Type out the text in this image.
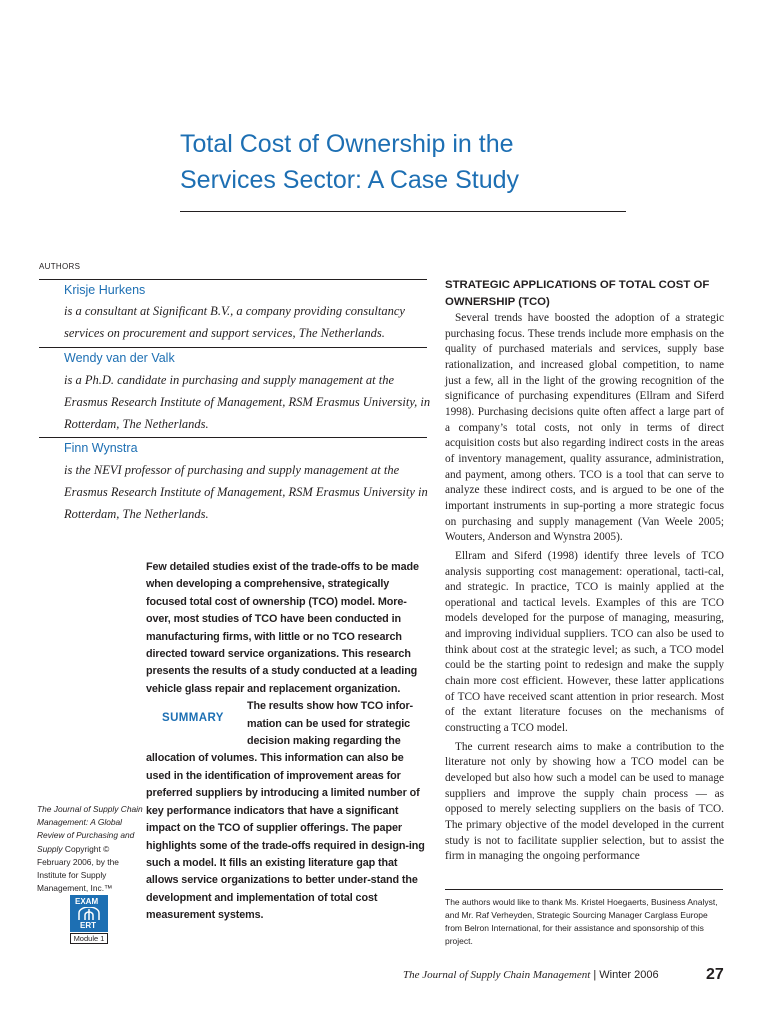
Total Cost of Ownership in the

Services Sector: A Case Study

AUTHORS
Krisje Hurkens
is a consultant at Significant B.V., a company providing consultancy services on procurement and support services, The Netherlands.
Wendy van der Valk
is a Ph.D. candidate in purchasing and supply management at the Erasmus Research Institute of Management, RSM Erasmus University, in Rotterdam, The Netherlands.
Finn Wynstra
is the NEVI professor of purchasing and supply management at the Erasmus Research Institute of Management, RSM Erasmus University in Rotterdam, The Netherlands.

Few detailed studies exist of the trade-offs to be made when developing a comprehensive, strategically focused total cost of ownership (TCO) model. More-over, most studies of TCO have been conducted in manufacturing firms, with little or no TCO research directed toward service organizations. This research presents the results of a study conducted at a leading vehicle glass repair and replacement organization.

The results show how TCO infor-mation can be used for strategic decision making regarding the

allocation of volumes. This information can also be used in the identification of improvement areas for preferred suppliers by introducing a limited number of key performance indicators that have a significant impact on the TCO of supplier offerings. The paper highlights some of the trade-offs required in design-ing such a model. It fills an existing literature gap that allows service organizations to better under-stand the development and implementation of total cost measurement systems.

SUMMARY
The Journal of Supply Chain Management: A Global Review of Purchasing and Supply Copyright © February 2006, by the Institute for Supply Management, Inc.™
EXAM
ERT
Module 1
STRATEGIC APPLICATIONS OF TOTAL COST OF OWNERSHIP (TCO)

Several trends have boosted the adoption of a strategic purchasing focus. These trends include more emphasis on the quality of purchased materials and services, supply base rationalization, and increased global competition, to name just a few, all in the light of the growing recognition of the significance of purchasing expenditures (Ellram and Siferd 1998). Purchasing decisions quite often affect a large part of a company’s total costs, not only in terms of direct acquisition costs but also regarding indirect costs in the areas of inventory management, quality assurance, administration, and payment, among others. TCO is a tool that can serve to analyze these indirect costs, and is argued to be one of the important instruments in sup-porting a more strategic focus on purchasing and supply management (Van Weele 2005; Wouters, Anderson and Wynstra 2005).

Ellram and Siferd (1998) identify three levels of TCO analysis supporting cost management: operational, tacti-cal, and strategic. In practice, TCO is mainly applied at the operational and tactical levels. Examples of this are TCO models developed for the purpose of managing, measuring, and improving individual suppliers. TCO can also be used to think about cost at the strategic level; as such, a TCO model could be the starting point to redesign and make the supply chain more cost efficient. However, these latter applications of TCO have received scant attention in prior research. Most of the extant literature focuses on the mechanisms of constructing a TCO model.

The current research aims to make a contribution to the literature not only by showing how a TCO model can be developed but also how such a model can be used to manage suppliers and improve the supply chain process — as opposed to merely selecting suppliers on the basis of TCO. The primary objective of the model developed in the current study is not to facilitate supplier selection, but to assist the firm in managing the ongoing performance

The authors would like to thank Ms. Kristel Hoegaerts, Business Analyst, and Mr. Raf Verheyden, Strategic Sourcing Manager Carglass Europe from Belron International, for their assistance and sponsorship of this project.
The Journal of Supply Chain Management | Winter 2006	27
